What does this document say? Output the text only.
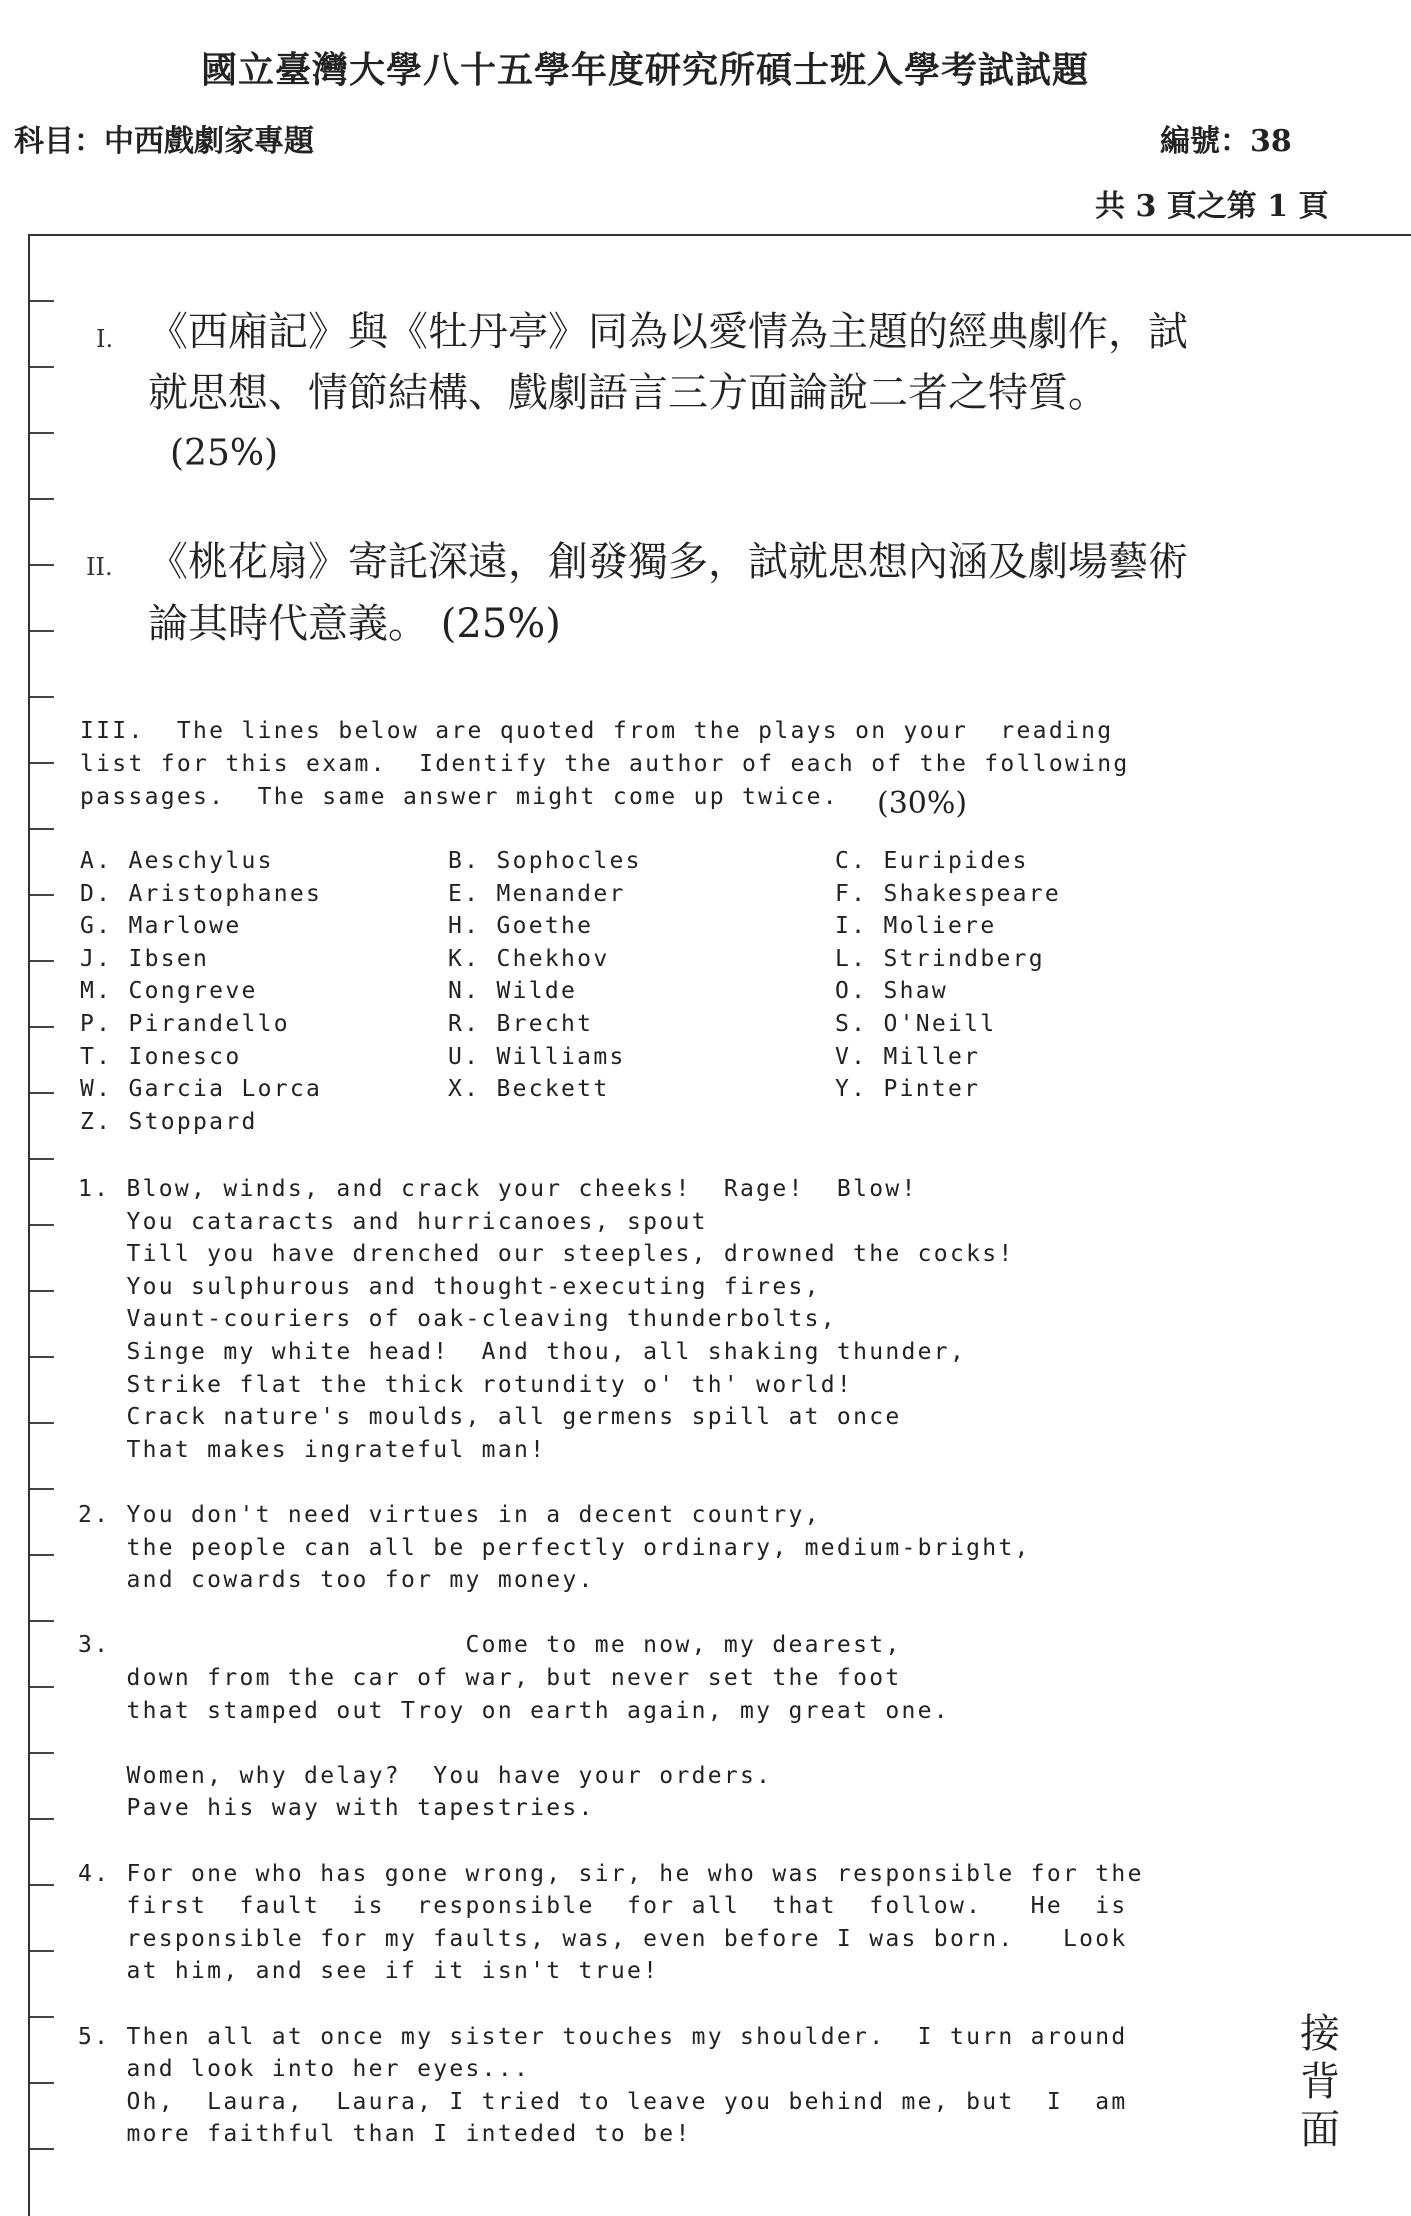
國立臺灣大學八十五學年度研究所碩士班入學考試試題
科目：中西戲劇家專題	編號：38
共 3 頁之第 1 頁
I. 《西廂記》與《牡丹亭》同為以愛情為主題的經典劇作，試
就思想、情節結構、戲劇語言三方面論說二者之特質。
(25%)
II. 《桃花扇》寄託深遠，創發獨多，試就思想內涵及劇場藝術
論其時代意義。 (25%)
III.  The lines below are quoted from the plays on your  reading
list for this exam.  Identify the author of each of the following
passages.  The same answer might come up twice. (30%)
A. Aeschylus	B. Sophocles	C. Euripides
D. Aristophanes	E. Menander	F. Shakespeare
G. Marlowe	H. Goethe	I. Moliere
J. Ibsen	K. Chekhov	L. Strindberg
M. Congreve	N. Wilde	O. Shaw
P. Pirandello	R. Brecht	S. O'Neill
T. Ionesco	U. Williams	V. Miller
W. Garcia Lorca	X. Beckett	Y. Pinter
Z. Stoppard
1. Blow, winds, and crack your cheeks!  Rage!  Blow!
You cataracts and hurricanoes, spout
Till you have drenched our steeples, drowned the cocks!
You sulphurous and thought-executing fires,
Vaunt-couriers of oak-cleaving thunderbolts,
Singe my white head!  And thou, all shaking thunder,
Strike flat the thick rotundity o' th' world!
Crack nature's moulds, all germens spill at once
That makes ingrateful man!
2. You don't need virtues in a decent country,
the people can all be perfectly ordinary, medium-bright,
and cowards too for my money.
3.                      Come to me now, my dearest,
down from the car of war, but never set the foot
that stamped out Troy on earth again, my great one.
Women, why delay?  You have your orders.
Pave his way with tapestries.
4. For one who has gone wrong, sir, he who was responsible for the
first  fault  is  responsible  for all  that  follow.   He  is
responsible for my faults, was, even before I was born.   Look
at him, and see if it isn't true!
5. Then all at once my sister touches my shoulder.  I turn around
and look into her eyes...
Oh,  Laura,  Laura, I tried to leave you behind me, but  I  am
more faithful than I inteded to be!
接背面
